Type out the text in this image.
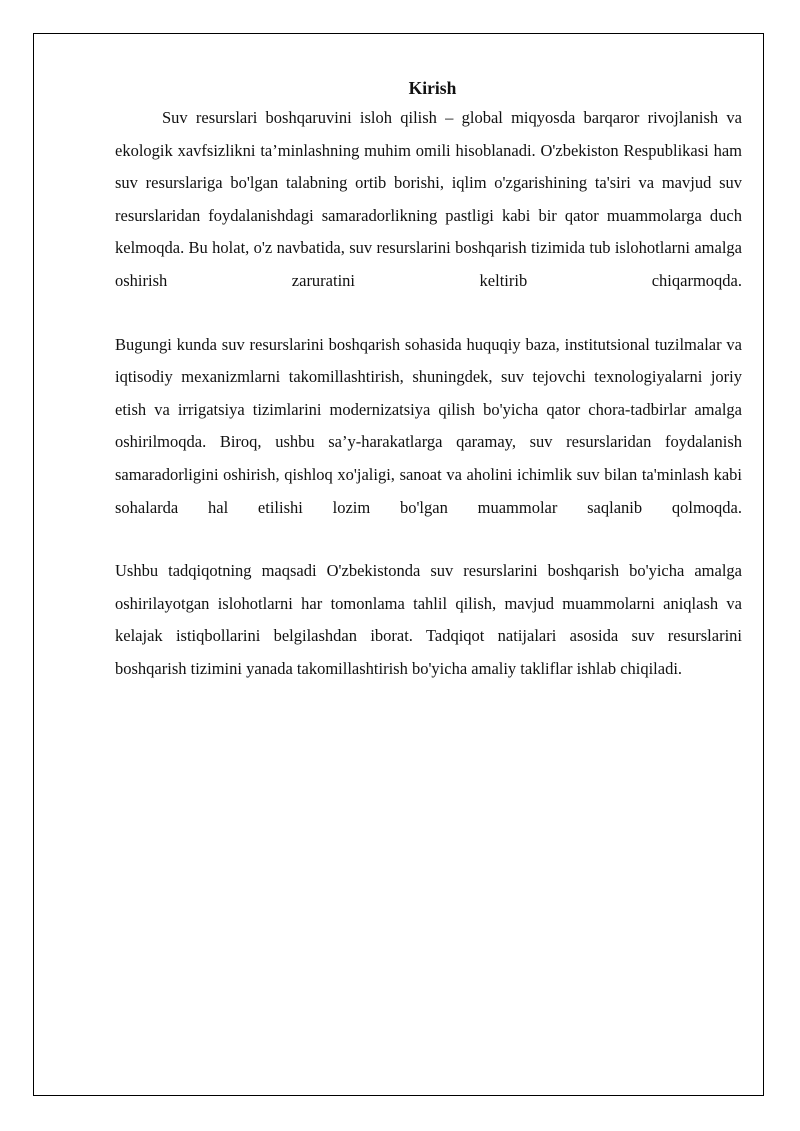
Kirish

Suv resurslari boshqaruvini isloh qilish – global miqyosda barqaror rivojlanish va ekologik xavfsizlikni ta’minlashning muhim omili hisoblanadi. O'zbekiston Respublikasi ham suv resurslariga bo'lgan talabning ortib borishi, iqlim o'zgarishining ta'siri va mavjud suv resurslaridan foydalanishdagi samaradorlikning pastligi kabi bir qator muammolarga duch kelmoqda. Bu holat, o'z navbatida, suv resurslarini boshqarish tizimida tub islohotlarni amalga oshirish zaruratini keltirib chiqarmoqda.

Bugungi kunda suv resurslarini boshqarish sohasida huquqiy baza, institutsional tuzilmalar va iqtisodiy mexanizmlarni takomillashtirish, shuningdek, suv tejovchi texnologiyalarni joriy etish va irrigatsiya tizimlarini modernizatsiya qilish bo'yicha qator chora-tadbirlar amalga oshirilmoqda. Biroq, ushbu sa’y-harakatlarga qaramay, suv resurslaridan foydalanish samaradorligini oshirish, qishloq xo'jaligi, sanoat va aholini ichimlik suv bilan ta'minlash kabi sohalarda hal etilishi lozim bo'lgan muammolar saqlanib qolmoqda.

Ushbu tadqiqotning maqsadi O'zbekistonda suv resurslarini boshqarish bo'yicha amalga oshirilayotgan islohotlarni har tomonlama tahlil qilish, mavjud muammolarni aniqlash va kelajak istiqbollarini belgilashdan iborat. Tadqiqot natijalari asosida suv resurslarini boshqarish tizimini yanada takomillashtirish bo'yicha amaliy takliflar ishlab chiqiladi.
